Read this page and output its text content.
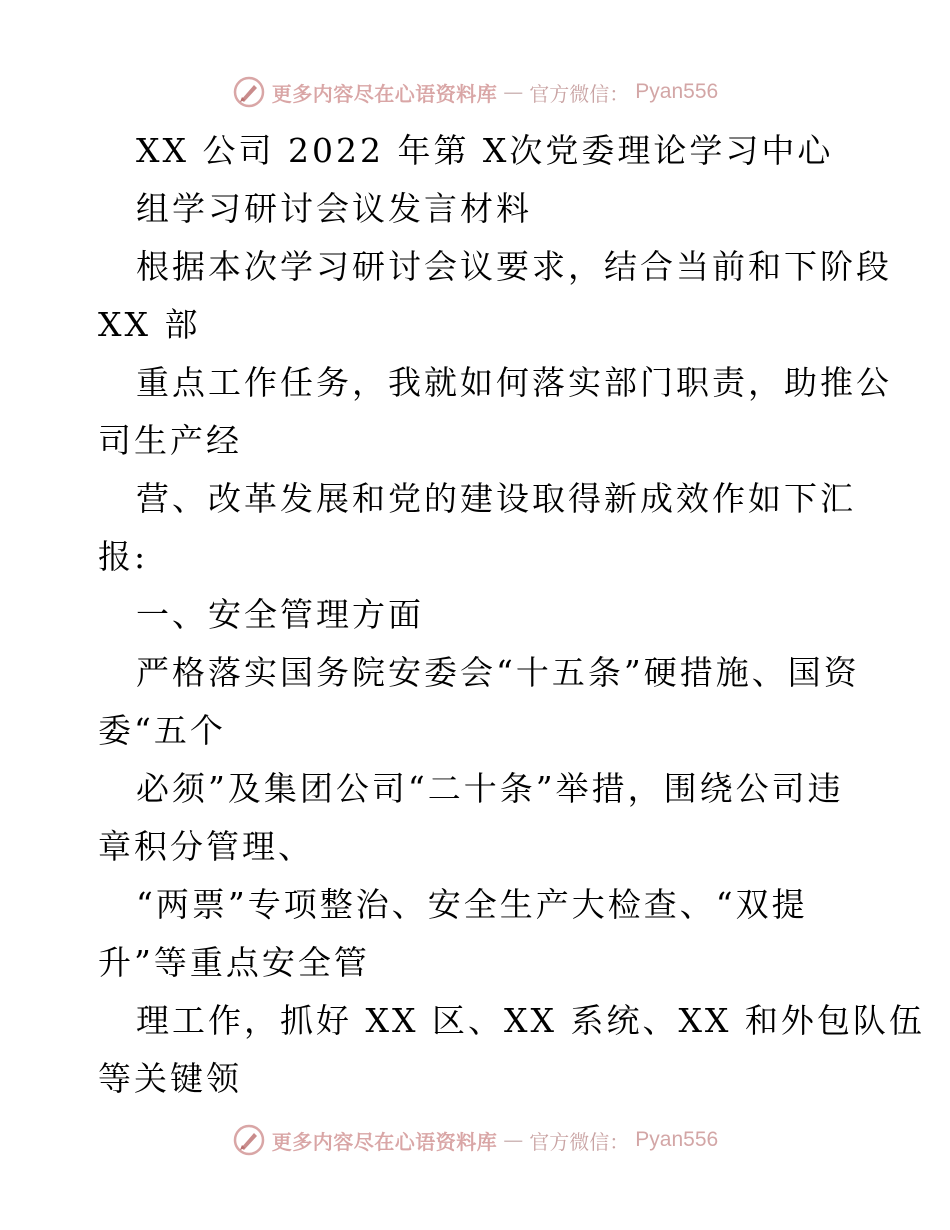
更多内容尽在心语资料库 — 官方微信： Pyan556
XX 公司 2022 年第 X次党委理论学习中心
组学习研讨会议发言材料
根据本次学习研讨会议要求，结合当前和下阶段
XX 部
重点工作任务，我就如何落实部门职责，助推公
司生产经
营、改革发展和党的建设取得新成效作如下汇
报:
一、安全管理方面
严格落实国务院安委会“十五条”硬措施、国资
委“五个
必须”及集团公司“二十条”举措，围绕公司违
章积分管理、
“两票”专项整治、安全生产大检查、“双提
升”等重点安全管
理工作，抓好 XX 区、XX 系统、XX 和外包队伍
等关键领
更多内容尽在心语资料库 — 官方微信： Pyan556
